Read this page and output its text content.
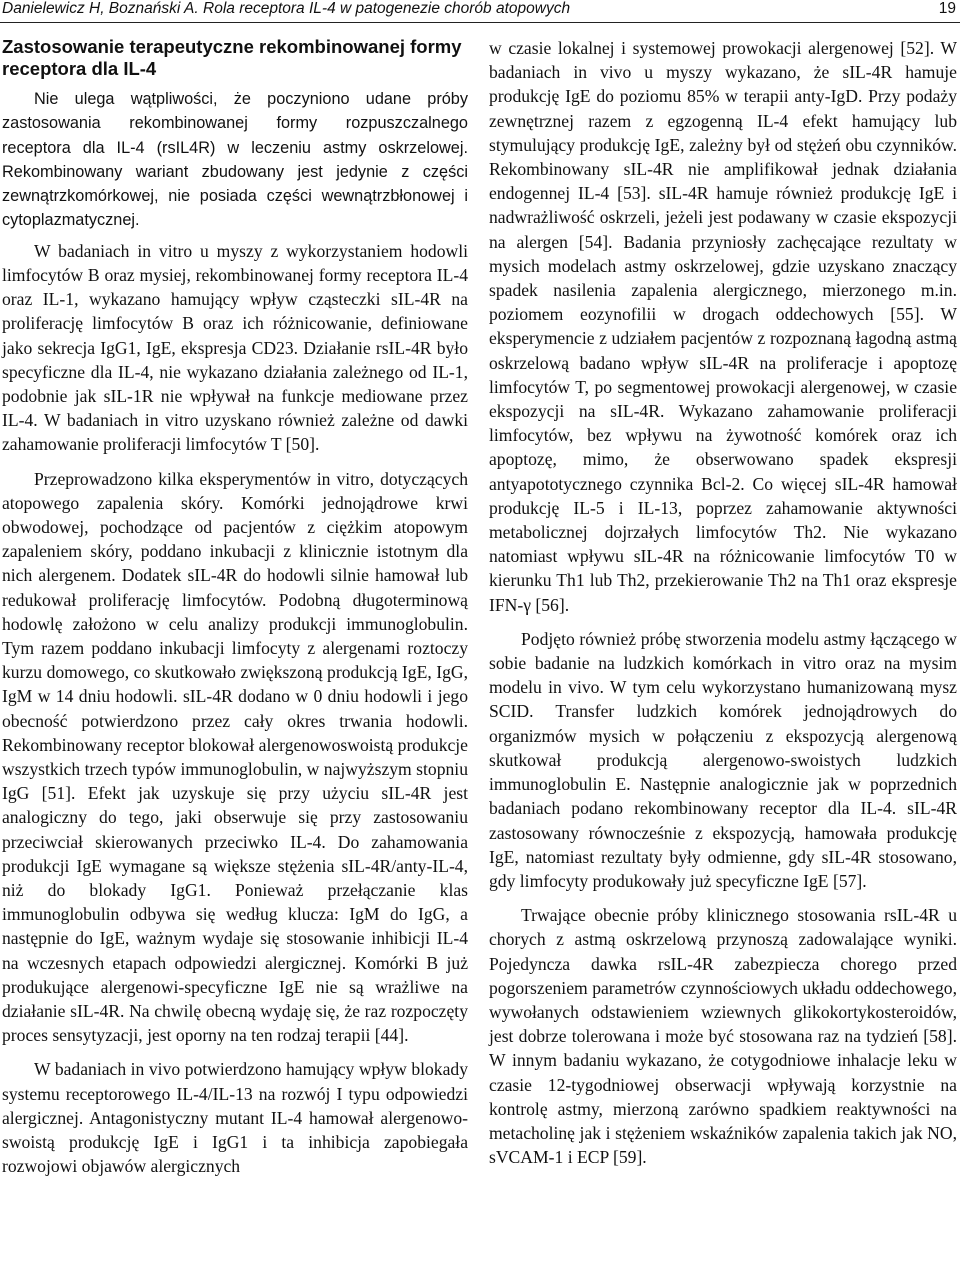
Danielewicz H, Boznański A. Rola receptora IL-4 w patogenezie chorób atopowych	19
Zastosowanie terapeutyczne rekombinowanej formy receptora dla IL-4

Nie ulega wątpliwości, że poczyniono udane próby zastosowania rekombinowanej formy rozpuszczalnego receptora dla IL-4 (rsIL4R) w leczeniu astmy oskrzelowej. Rekombinowany wariant zbudowany jest jedynie z części zewnątrzkomórkowej, nie posiada części wewnątrzbłonowej i cytoplazmatycznej.

W badaniach in vitro u myszy z wykorzystaniem hodowli limfocytów B oraz mysiej, rekombinowanej formy receptora IL-4 oraz IL-1, wykazano hamujący wpływ cząsteczki sIL-4R na proliferację limfocytów B oraz ich różnicowanie, definiowane jako sekrecja IgG1, IgE, ekspresja CD23. Działanie rsIL-4R było specyficzne dla IL-4, nie wykazano działania zależnego od IL-1, podobnie jak sIL-1R nie wpływał na funkcje mediowane przez IL-4. W badaniach in vitro uzyskano również zależne od dawki zahamowanie proliferacji limfocytów T [50].

Przeprowadzono kilka eksperymentów in vitro, dotyczących atopowego zapalenia skóry. Komórki jednojądrowe krwi obwodowej, pochodzące od pacjentów z ciężkim atopowym zapaleniem skóry, poddano inkubacji z klinicznie istotnym dla nich alergenem. Dodatek sIL-4R do hodowli silnie hamował lub redukował proliferację limfocytów. Podobną długoterminową hodowlę założono w celu analizy produkcji immunoglobulin. Tym razem poddano inkubacji limfocyty z alergenami roztoczy kurzu domowego, co skutkowało zwiększoną produkcją IgE, IgG, IgM w 14 dniu hodowli. sIL-4R dodano w 0 dniu hodowli i jego obecność potwierdzono przez cały okres trwania hodowli. Rekombinowany receptor blokował alergenowoswoistą produkcje wszystkich trzech typów immunoglobulin, w najwyższym stopniu IgG [51]. Efekt jak uzyskuje się przy użyciu sIL-4R jest analogiczny do tego, jaki obserwuje się przy zastosowaniu przeciwciał skierowanych przeciwko IL-4. Do zahamowania produkcji IgE wymagane są większe stężenia sIL-4R/anty-IL-4, niż do blokady IgG1. Ponieważ przełączanie klas immunoglobulin odbywa się według klucza: IgM do IgG, a następnie do IgE, ważnym wydaje się stosowanie inhibicji IL-4 na wczesnych etapach odpowiedzi alergicznej. Komórki B już produkujące alergenowi-specyficzne IgE nie są wrażliwe na działanie sIL-4R. Na chwilę obecną wydaję się, że raz rozpoczęty proces sensytyzacji, jest oporny na ten rodzaj terapii [44].

W badaniach in vivo potwierdzono hamujący wpływ blokady systemu receptorowego IL-4/IL-13 na rozwój I typu odpowiedzi alergicznej. Antagonistyczny mutant IL-4 hamował alergenowo-swoistą produkcję IgE i IgG1 i ta inhibicja zapobiegała rozwojowi objawów alergicznych

w czasie lokalnej i systemowej prowokacji alergenowej [52]. W badaniach in vivo u myszy wykazano, że sIL-4R hamuje produkcję IgE do poziomu 85% w terapii anty-IgD. Przy podaży zewnętrznej razem z egzogenną IL-4 efekt hamujący lub stymulujący produkcję IgE, zależny był od stężeń obu czynników. Rekombinowany sIL-4R nie amplifikował jednak działania endogennej IL-4 [53]. sIL-4R hamuje również produkcję IgE i nadwrażliwość oskrzeli, jeżeli jest podawany w czasie ekspozycji na alergen [54]. Badania przyniosły zachęcające rezultaty w mysich modelach astmy oskrzelowej, gdzie uzyskano znaczący spadek nasilenia zapalenia alergicznego, mierzonego m.in. poziomem eozynofilii w drogach oddechowych [55]. W eksperymencie z udziałem pacjentów z rozpoznaną łagodną astmą oskrzelową badano wpływ sIL-4R na proliferacje i apoptozę limfocytów T, po segmentowej prowokacji alergenowej, w czasie ekspozycji na sIL-4R. Wykazano zahamowanie proliferacji limfocytów, bez wpływu na żywotność komórek oraz ich apoptozę, mimo, że obserwowano spadek ekspresji antyapototycznego czynnika Bcl-2. Co więcej sIL-4R hamował produkcję IL-5 i IL-13, poprzez zahamowanie aktywności metabolicznej dojrzałych limfocytów Th2. Nie wykazano natomiast wpływu sIL-4R na różnicowanie limfocytów T0 w kierunku Th1 lub Th2, przekierowanie Th2 na Th1 oraz ekspresje IFN-γ [56].

Podjęto również próbę stworzenia modelu astmy łączącego w sobie badanie na ludzkich komórkach in vitro oraz na mysim modelu in vivo. W tym celu wykorzystano humanizowaną mysz SCID. Transfer ludzkich komórek jednojądrowych do organizmów mysich w połączeniu z ekspozycją alergenową skutkował produkcją alergenowo-swoistych ludzkich immunoglobulin E. Następnie analogicznie jak w poprzednich badaniach podano rekombinowany receptor dla IL-4. sIL-4R zastosowany równocześnie z ekspozycją, hamowała produkcję IgE, natomiast rezultaty były odmienne, gdy sIL-4R stosowano, gdy limfocyty produkowały już specyficzne IgE [57].

Trwające obecnie próby klinicznego stosowania rsIL-4R u chorych z astmą oskrzelową przynoszą zadowalające wyniki. Pojedyncza dawka rsIL-4R zabezpiecza chorego przed pogorszeniem parametrów czynnościowych układu oddechowego, wywołanych odstawieniem wziewnych glikokortykosteroidów, jest dobrze tolerowana i może być stosowana raz na tydzień [58]. W innym badaniu wykazano, że cotygodniowe inhalacje leku w czasie 12-tygodniowej obserwacji wpływają korzystnie na kontrolę astmy, mierzoną zarówno spadkiem reaktywności na metacholinę jak i stężeniem wskaźników zapalenia takich jak NO, sVCAM-1 i ECP [59].
